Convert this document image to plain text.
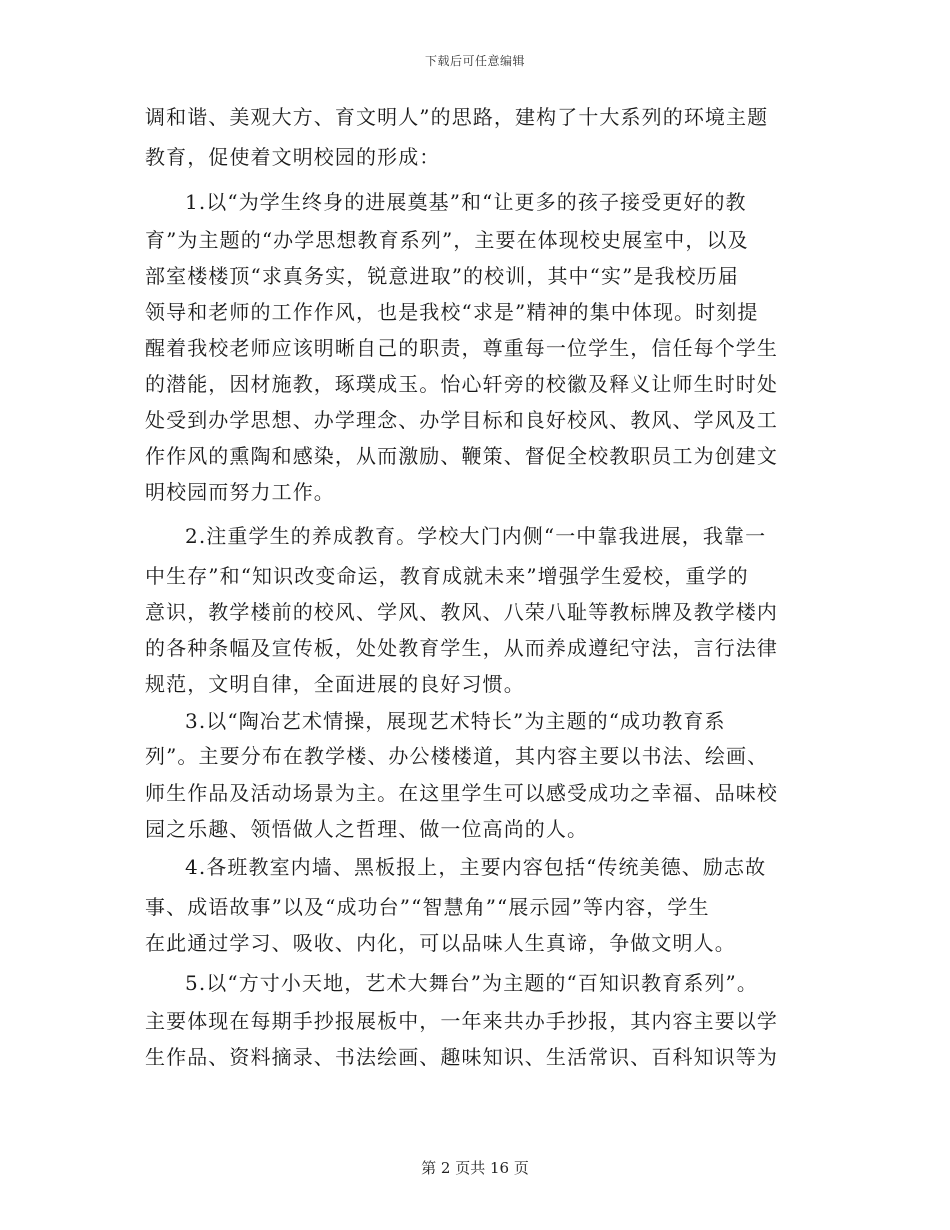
下载后可任意编辑

调和谐、美观大方、育文明人”的思路，建构了十大系列的环境主题

教育，促使着文明校园的形成：

1.以“为学生终身的进展奠基”和“让更多的孩子接受更好的教

育”为主题的“办学思想教育系列”，主要在体现校史展室中，以及

部室楼楼顶“求真务实，锐意进取”的校训，其中“实”是我校历届

领导和老师的工作作风，也是我校“求是”精神的集中体现。时刻提

醒着我校老师应该明晰自己的职责，尊重每一位学生，信任每个学生

的潜能，因材施教，琢璞成玉。怡心轩旁的校徽及释义让师生时时处

处受到办学思想、办学理念、办学目标和良好校风、教风、学风及工

作作风的熏陶和感染，从而激励、鞭策、督促全校教职员工为创建文

明校园而努力工作。

2.注重学生的养成教育。学校大门内侧“一中靠我进展，我靠一

中生存”和“知识改变命运，教育成就未来”增强学生爱校，重学的

意识，教学楼前的校风、学风、教风、八荣八耻等教标牌及教学楼内

的各种条幅及宣传板，处处教育学生，从而养成遵纪守法，言行法律

规范，文明自律，全面进展的良好习惯。

3.以“陶冶艺术情操，展现艺术特长”为主题的“成功教育系

列”。主要分布在教学楼、办公楼楼道，其内容主要以书法、绘画、

师生作品及活动场景为主。在这里学生可以感受成功之幸福、品味校

园之乐趣、领悟做人之哲理、做一位高尚的人。

4.各班教室内墙、黑板报上，主要内容包括“传统美德、励志故

事、成语故事”以及“成功台”“智慧角”“展示园”等内容，学生

在此通过学习、吸收、内化，可以品味人生真谛，争做文明人。

5.以“方寸小天地，艺术大舞台”为主题的“百知识教育系列”。

主要体现在每期手抄报展板中，一年来共办手抄报，其内容主要以学

生作品、资料摘录、书法绘画、趣味知识、生活常识、百科知识等为

第 2 页共 16 页
